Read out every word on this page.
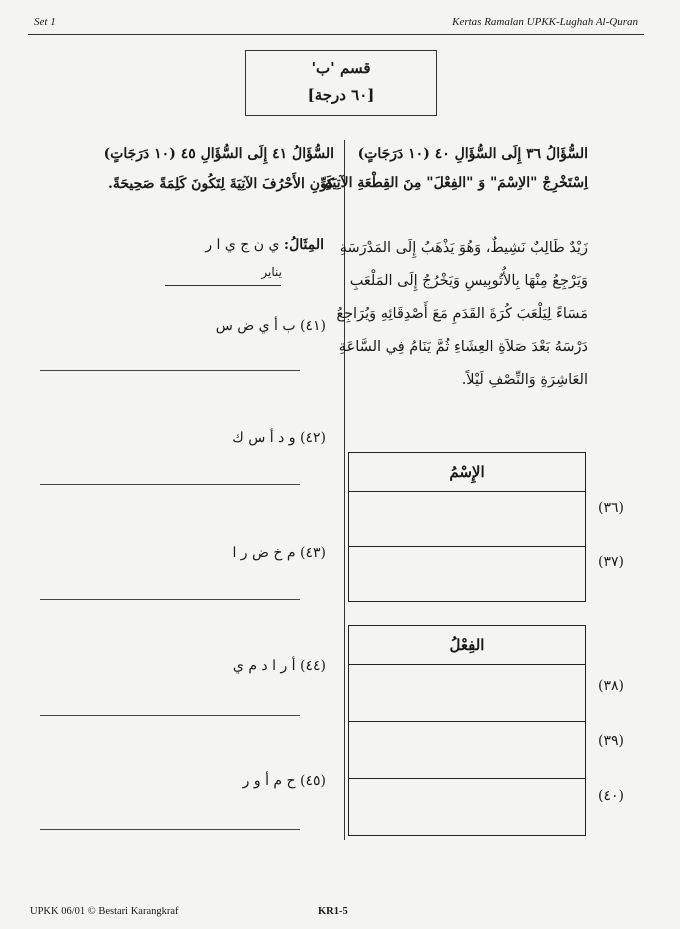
Set 1	Kertas Ramalan UPKK-Lughah Al-Quran
قسم 'ب'
[٦٠ درجة]
السُّؤَالُ ٣٦ إِلَى السُّؤَالِ ٤٠ (١٠ دَرَجَاتٍ)
اِسْتَخْرِجْ "الاِسْمَ" وَ "الفِعْلَ" مِنَ القِطْعَةِ الآتِيَةِ.
زَيْدٌ طَالِبٌ نَشِيطٌ، وَهُوَ يَذْهَبُ إِلَى المَدْرَسَةِ
وَيَرْجِعُ مِنْهَا بِالأُتُوبِيسِ وَيَخْرُجُ إِلَى المَلْعَبِ
مَسَاءً لِيَلْعَبَ كُرَةَ القَدَمِ مَعَ أَصْدِقَائِهِ وَيُرَاجِعُ
دَرْسَهُ بَعْدَ صَلاَةِ العِشَاءِ ثُمَّ يَنَامُ فِي السَّاعَةِ
العَاشِرَةِ وَالنِّصْفِ لَيْلاً.
الإِسْمُ
(٣٦)
(٣٧)
الفِعْلُ
(٣٨)
(٣٩)
(٤٠)
السُّؤَالُ ٤١ إِلَى السُّؤَالِ ٤٥ (١٠ دَرَجَاتٍ)
كَوِّنِ الأَحْرُفَ الآتِيَةَ لِتَكُونَ كَلِمَةً صَحِيحَةً.
المِثَالُ: ي ن ج ي ا ر
يناير
(٤١) ب أ ي ض س
(٤٢) و د أ س ك
(٤٣) م خ ض ر ا
(٤٤) أ ر ا د م ي
(٤٥) ح م أ و ر
UPKK 06/01 © Bestari Karangkraf	KR1-5
